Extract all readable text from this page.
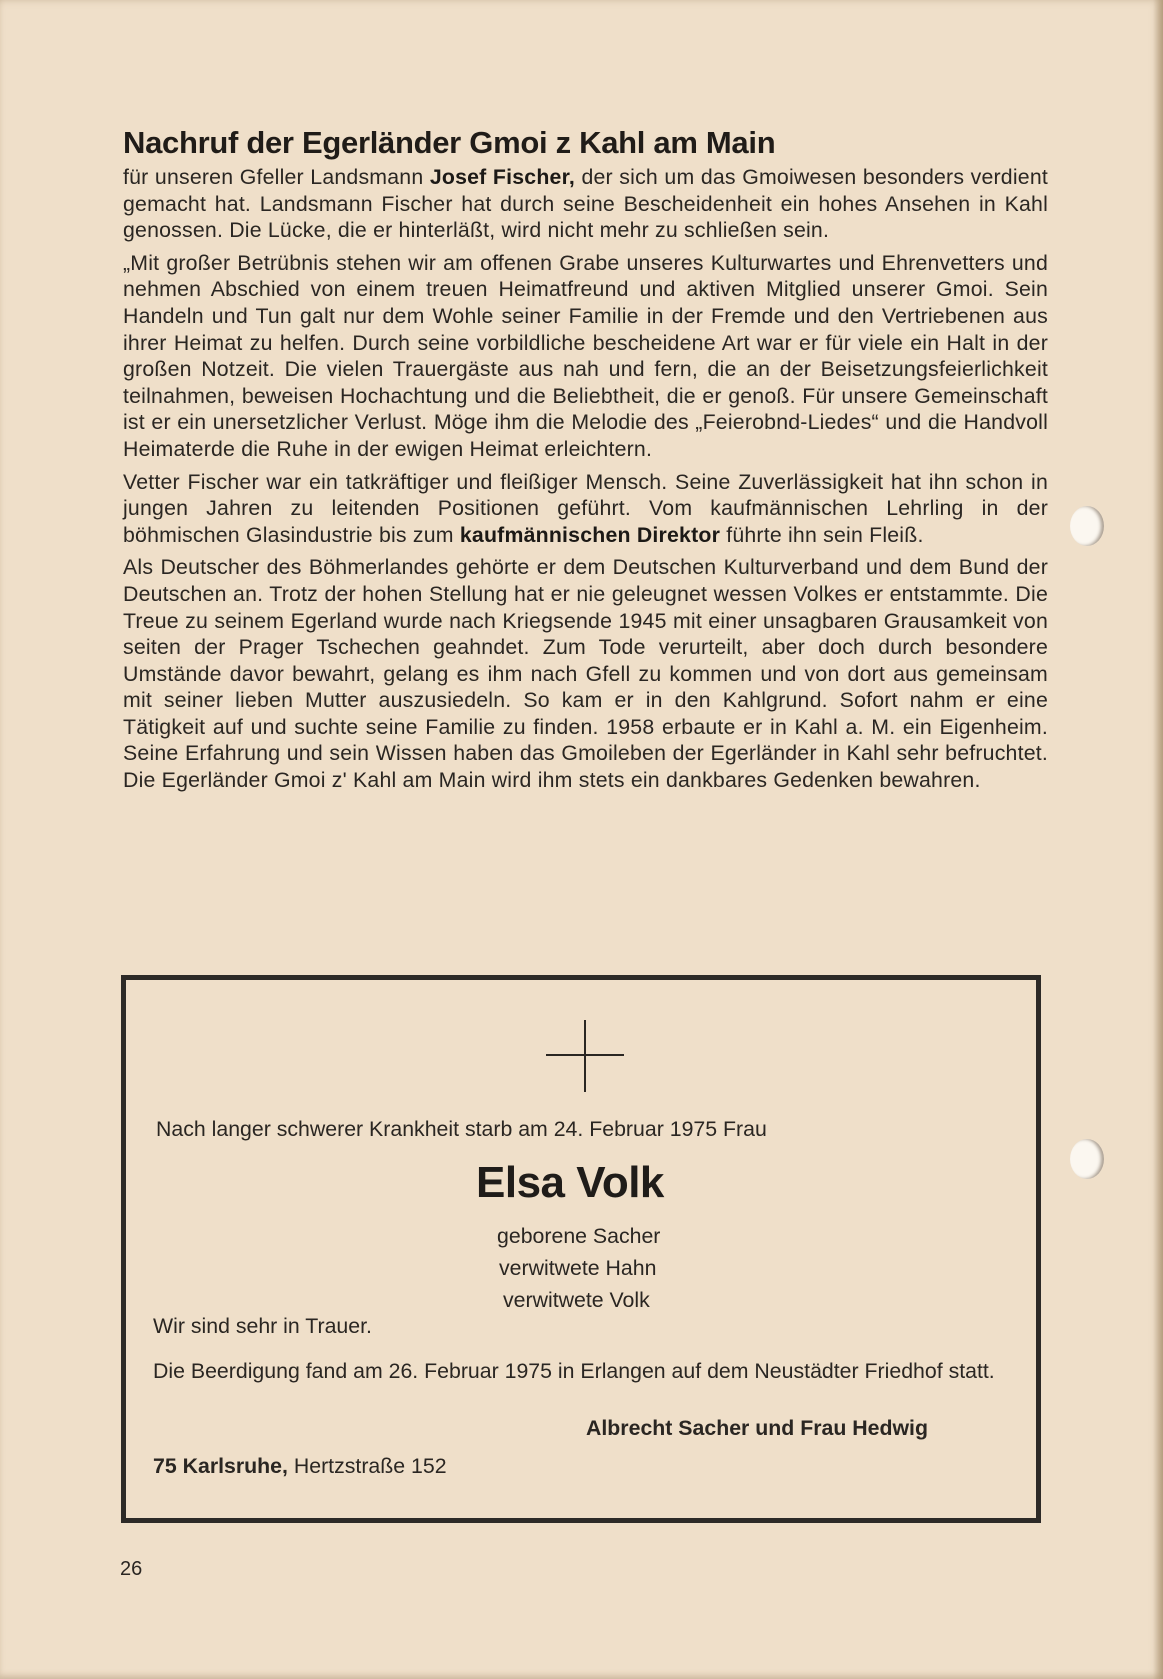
Nachruf der Egerländer Gmoi z Kahl am Main

für unseren Gfeller Landsmann Josef Fischer, der sich um das Gmoiwesen besonders verdient gemacht hat. Landsmann Fischer hat durch seine Bescheidenheit ein hohes Ansehen in Kahl genossen. Die Lücke, die er hinterläßt, wird nicht mehr zu schließen sein.

„Mit großer Betrübnis stehen wir am offenen Grabe unseres Kulturwartes und Ehrenvetters und nehmen Abschied von einem treuen Heimatfreund und aktiven Mitglied unserer Gmoi. Sein Handeln und Tun galt nur dem Wohle seiner Familie in der Fremde und den Vertriebenen aus ihrer Heimat zu helfen. Durch seine vorbildliche bescheidene Art war er für viele ein Halt in der großen Notzeit. Die vielen Trauergäste aus nah und fern, die an der Beisetzungsfeierlichkeit teilnahmen, beweisen Hochachtung und die Beliebtheit, die er genoß. Für unsere Gemeinschaft ist er ein unersetzlicher Verlust. Möge ihm die Melodie des „Feierobnd-Liedes“ und die Handvoll Heimaterde die Ruhe in der ewigen Heimat erleichtern.

Vetter Fischer war ein tatkräftiger und fleißiger Mensch. Seine Zuverlässigkeit hat ihn schon in jungen Jahren zu leitenden Positionen geführt. Vom kaufmännischen Lehrling in der böhmischen Glasindustrie bis zum kaufmännischen Direktor führte ihn sein Fleiß.

Als Deutscher des Böhmerlandes gehörte er dem Deutschen Kulturverband und dem Bund der Deutschen an. Trotz der hohen Stellung hat er nie geleugnet wessen Volkes er entstammte. Die Treue zu seinem Egerland wurde nach Kriegsende 1945 mit einer unsagbaren Grausamkeit von seiten der Prager Tschechen geahndet. Zum Tode verurteilt, aber doch durch besondere Umstände davor bewahrt, gelang es ihm nach Gfell zu kommen und von dort aus gemeinsam mit seiner lieben Mutter auszusiedeln. So kam er in den Kahlgrund. Sofort nahm er eine Tätigkeit auf und suchte seine Familie zu finden. 1958 erbaute er in Kahl a. M. ein Eigenheim. Seine Erfahrung und sein Wissen haben das Gmoileben der Egerländer in Kahl sehr befruchtet. Die Egerländer Gmoi z' Kahl am Main wird ihm stets ein dankbares Gedenken bewahren.

Nach langer schwerer Krankheit starb am 24. Februar 1975 Frau
Elsa Volk
geborene Sacher
verwitwete Hahn
verwitwete Volk
Wir sind sehr in Trauer.
Die Beerdigung fand am 26. Februar 1975 in Erlangen auf dem Neustädter Friedhof statt.
Albrecht Sacher und Frau Hedwig
75 Karlsruhe, Hertzstraße 152
26
